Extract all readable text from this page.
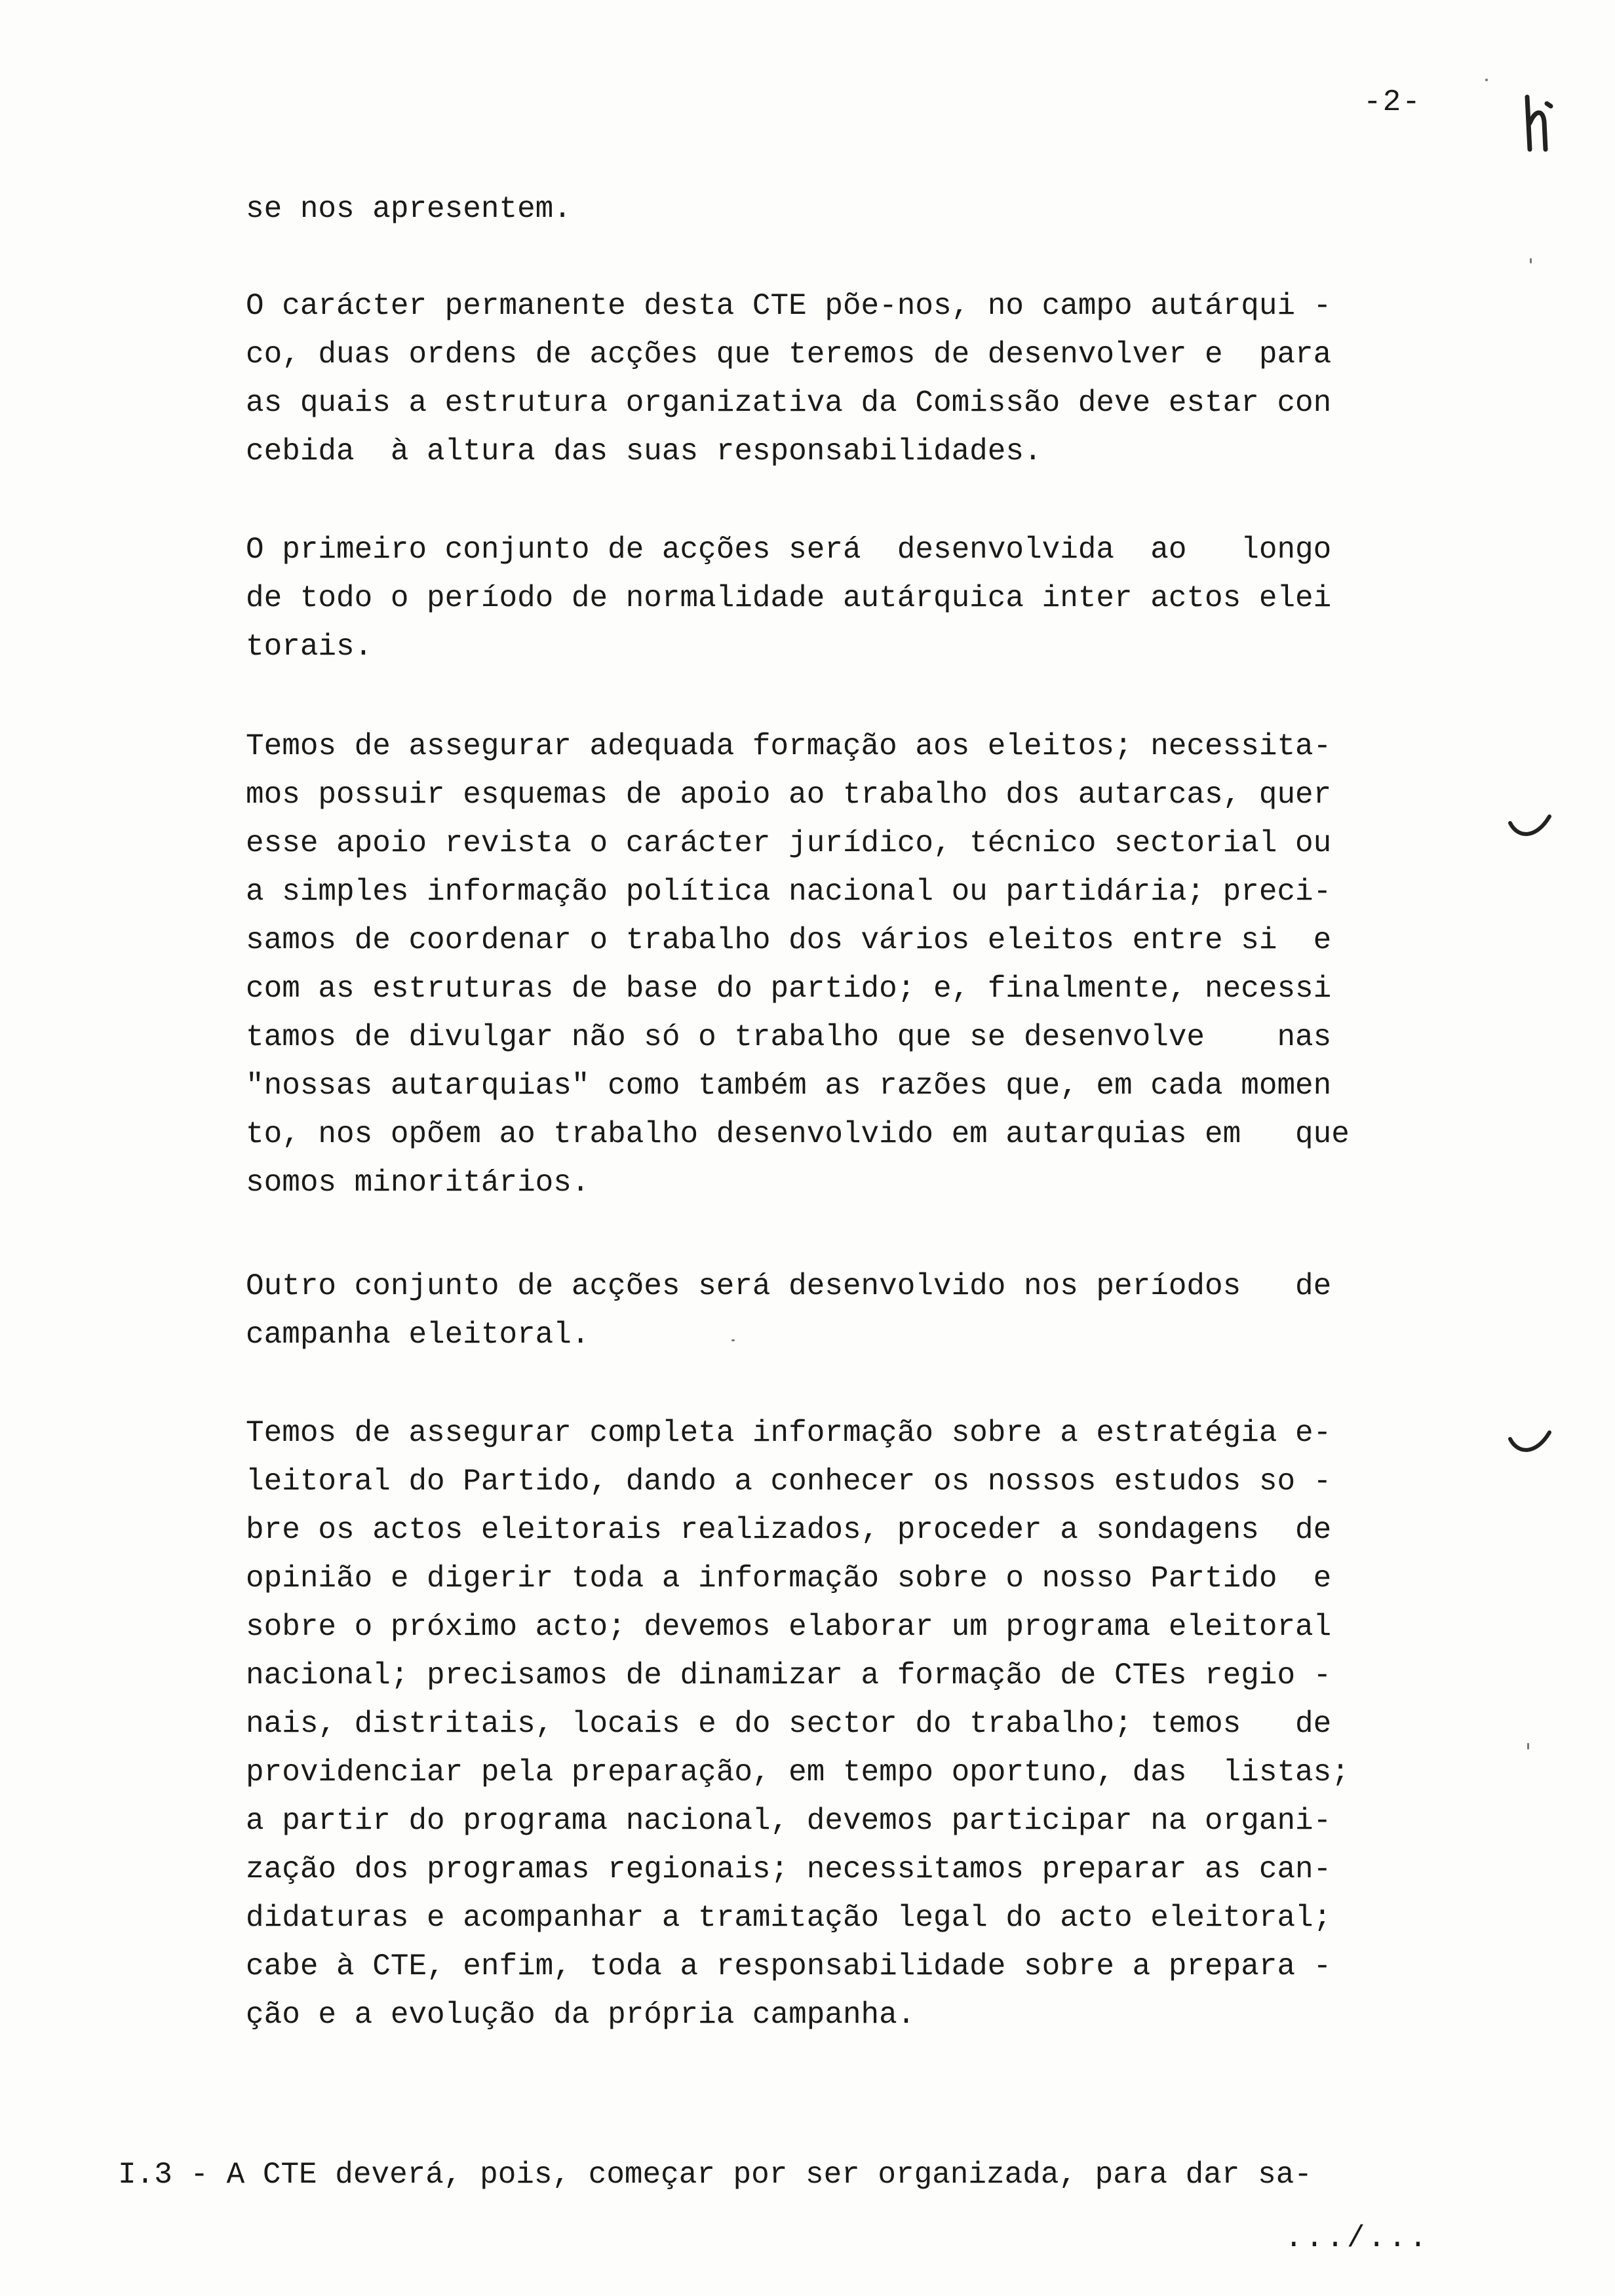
-2-
se nos apresentem.
O carácter permanente desta CTE põe-nos, no campo autárqui -
co, duas ordens de acções que teremos de desenvolver e  para
as quais a estrutura organizativa da Comissão deve estar con
cebida  à altura das suas responsabilidades.
O primeiro conjunto de acções será  desenvolvida  ao   longo
de todo o período de normalidade autárquica inter actos elei
torais.
Temos de assegurar adequada formação aos eleitos; necessita-
mos possuir esquemas de apoio ao trabalho dos autarcas, quer
esse apoio revista o carácter jurídico, técnico sectorial ou
a simples informação política nacional ou partidária; preci-
samos de coordenar o trabalho dos vários eleitos entre si  e
com as estruturas de base do partido; e, finalmente, necessi
tamos de divulgar não só o trabalho que se desenvolve    nas
"nossas autarquias" como também as razões que, em cada momen
to, nos opõem ao trabalho desenvolvido em autarquias em   que
somos minoritários.
Outro conjunto de acções será desenvolvido nos períodos   de
campanha eleitoral.
Temos de assegurar completa informação sobre a estratégia e-
leitoral do Partido, dando a conhecer os nossos estudos so -
bre os actos eleitorais realizados, proceder a sondagens  de
opinião e digerir toda a informação sobre o nosso Partido  e
sobre o próximo acto; devemos elaborar um programa eleitoral
nacional; precisamos de dinamizar a formação de CTEs regio -
nais, distritais, locais e do sector do trabalho; temos   de
providenciar pela preparação, em tempo oportuno, das  listas;
a partir do programa nacional, devemos participar na organi-
zação dos programas regionais; necessitamos preparar as can-
didaturas e acompanhar a tramitação legal do acto eleitoral;
cabe à CTE, enfim, toda a responsabilidade sobre a prepara -
ção e a evolução da própria campanha.
I.3 - A CTE deverá, pois, começar por ser organizada, para dar sa-
.../...
